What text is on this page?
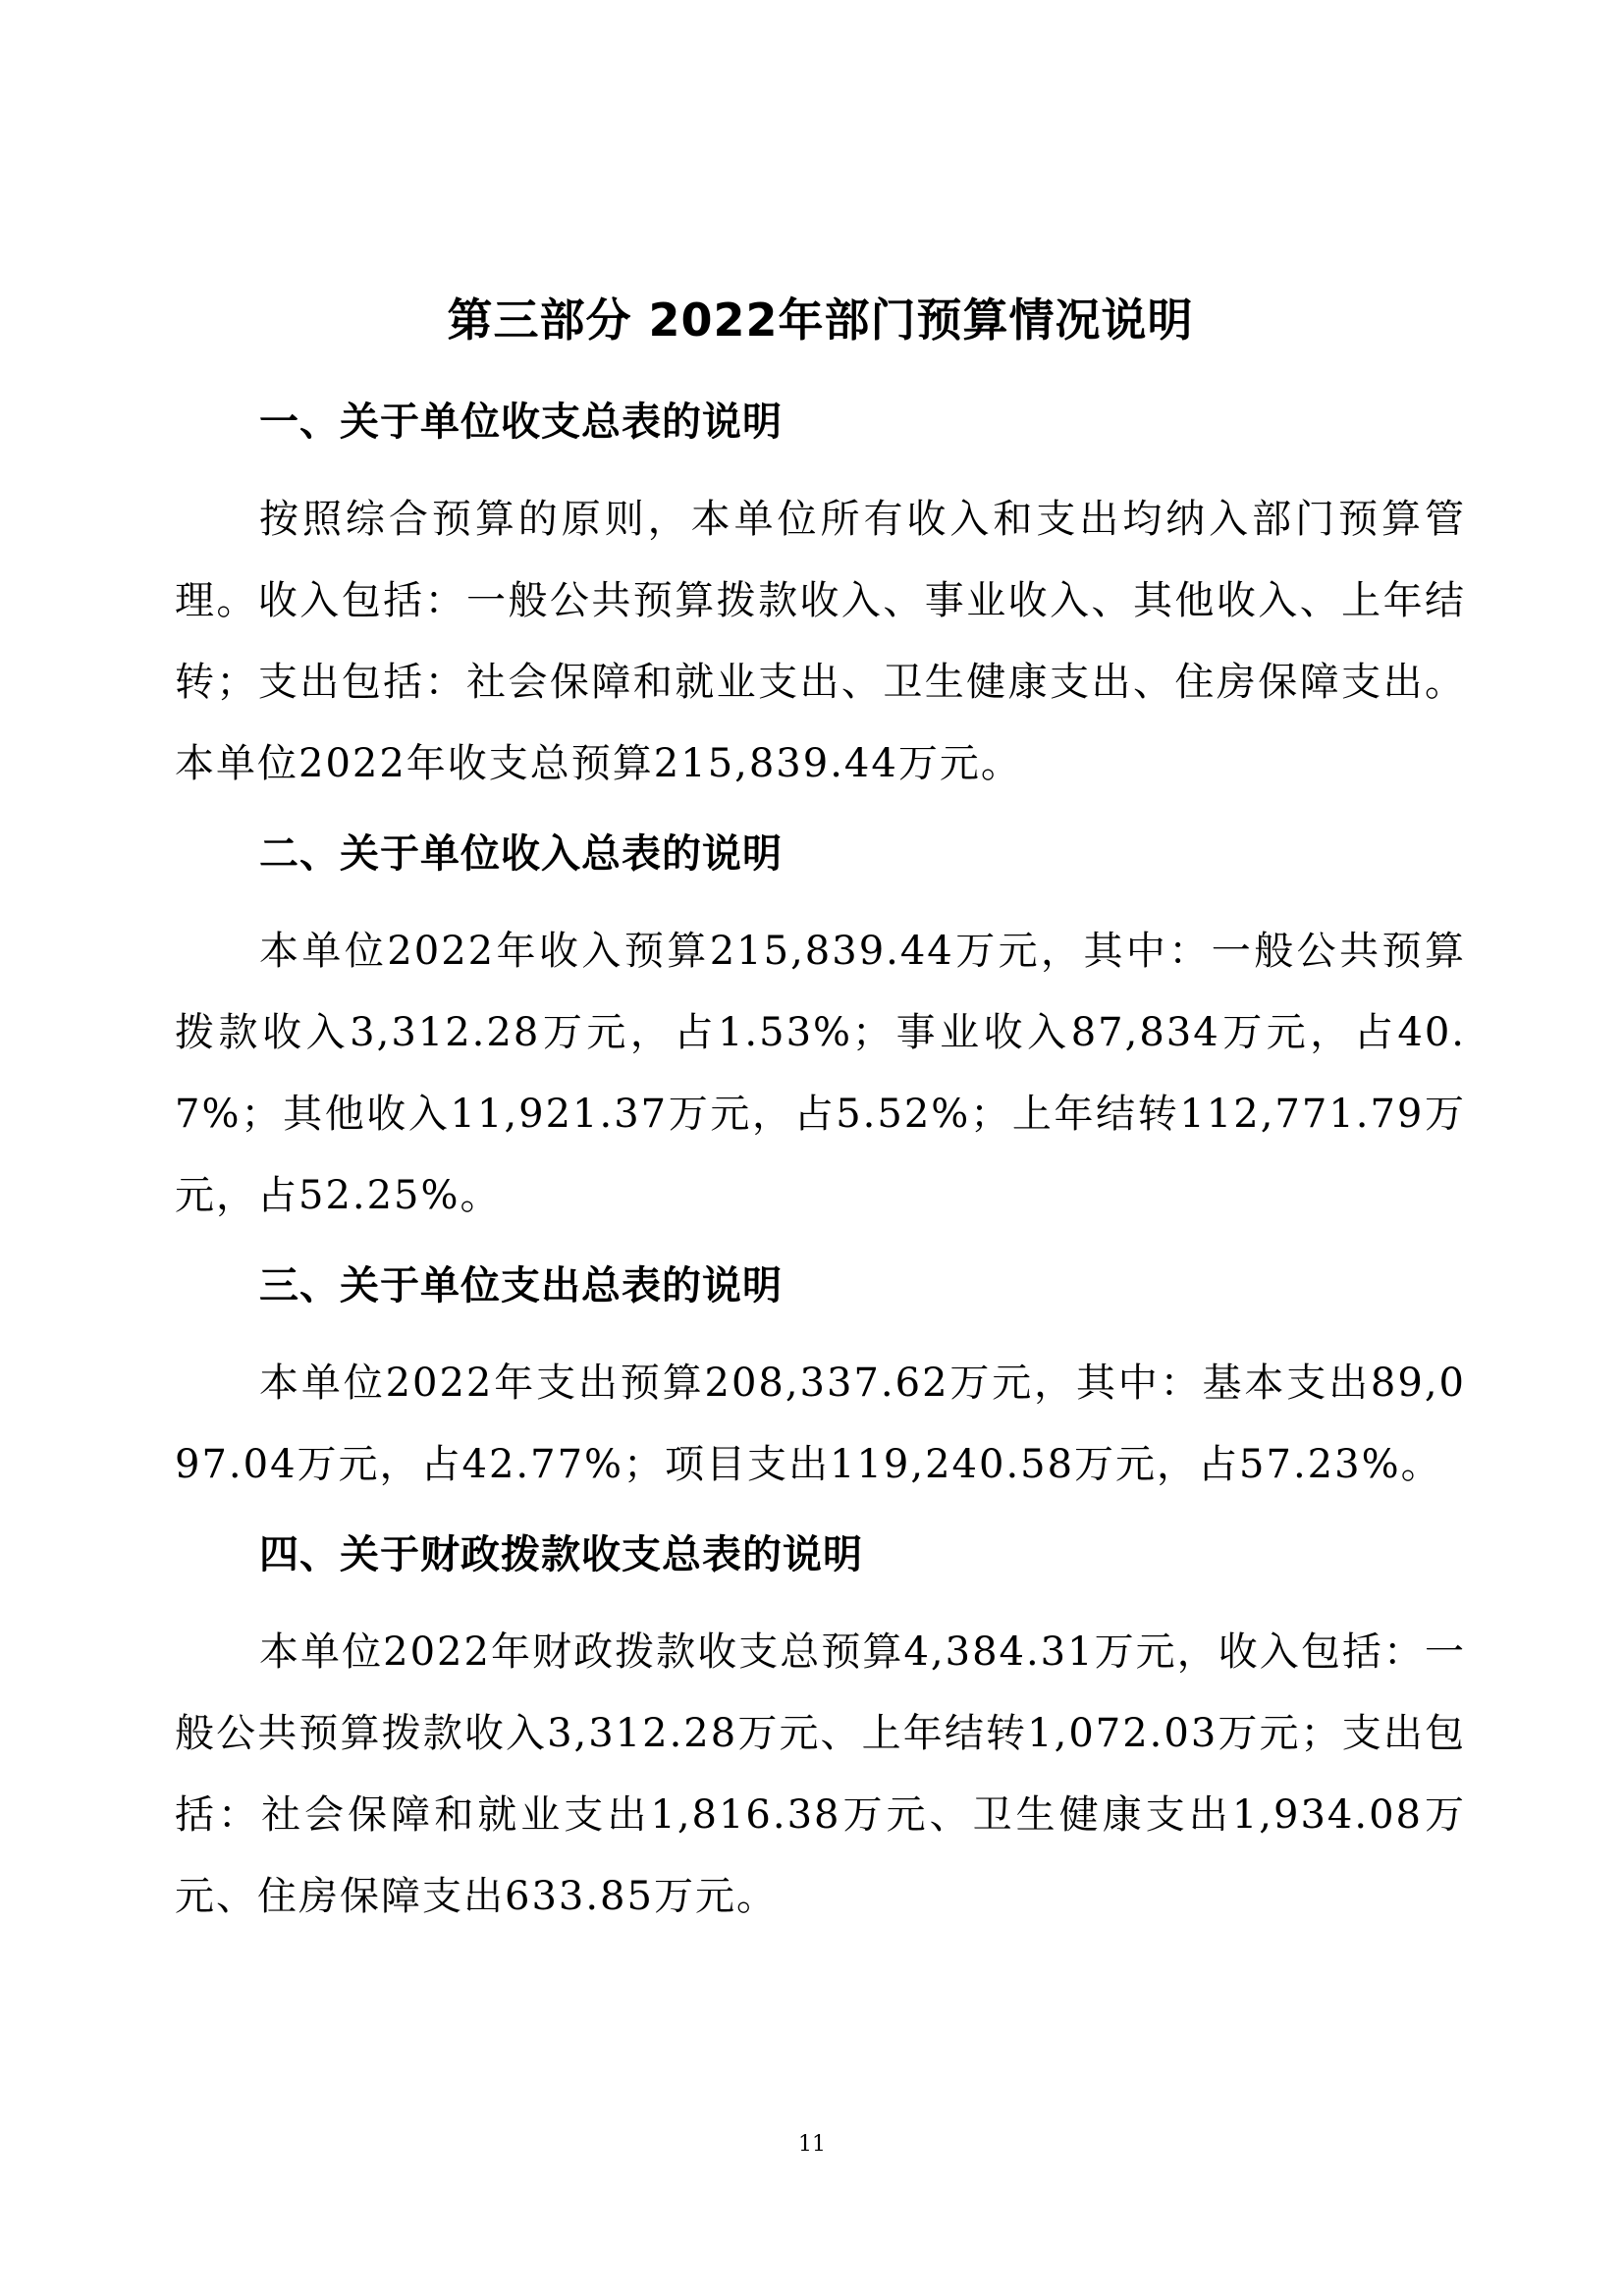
第三部分 2022年部门预算情况说明
一、关于单位收支总表的说明

按照综合预算的原则，本单位所有收入和支出均纳入部门预算管理。收入包括：一般公共预算拨款收入、事业收入、其他收入、上年结转；支出包括：社会保障和就业支出、卫生健康支出、住房保障支出。本单位2022年收支总预算215,839.44万元。

二、关于单位收入总表的说明

本单位2022年收入预算215,839.44万元，其中：一般公共预算拨款收入3,312.28万元，占1.53%；事业收入87,834万元，占40.7%；其他收入11,921.37万元，占5.52%；上年结转112,771.79万元，占52.25%。

三、关于单位支出总表的说明

本单位2022年支出预算208,337.62万元，其中：基本支出89,097.04万元，占42.77%；项目支出119,240.58万元，占57.23%。

四、关于财政拨款收支总表的说明

本单位2022年财政拨款收支总预算4,384.31万元，收入包括：一般公共预算拨款收入3,312.28万元、上年结转1,072.03万元；支出包括：社会保障和就业支出1,816.38万元、卫生健康支出1,934.08万元、住房保障支出633.85万元。

11
